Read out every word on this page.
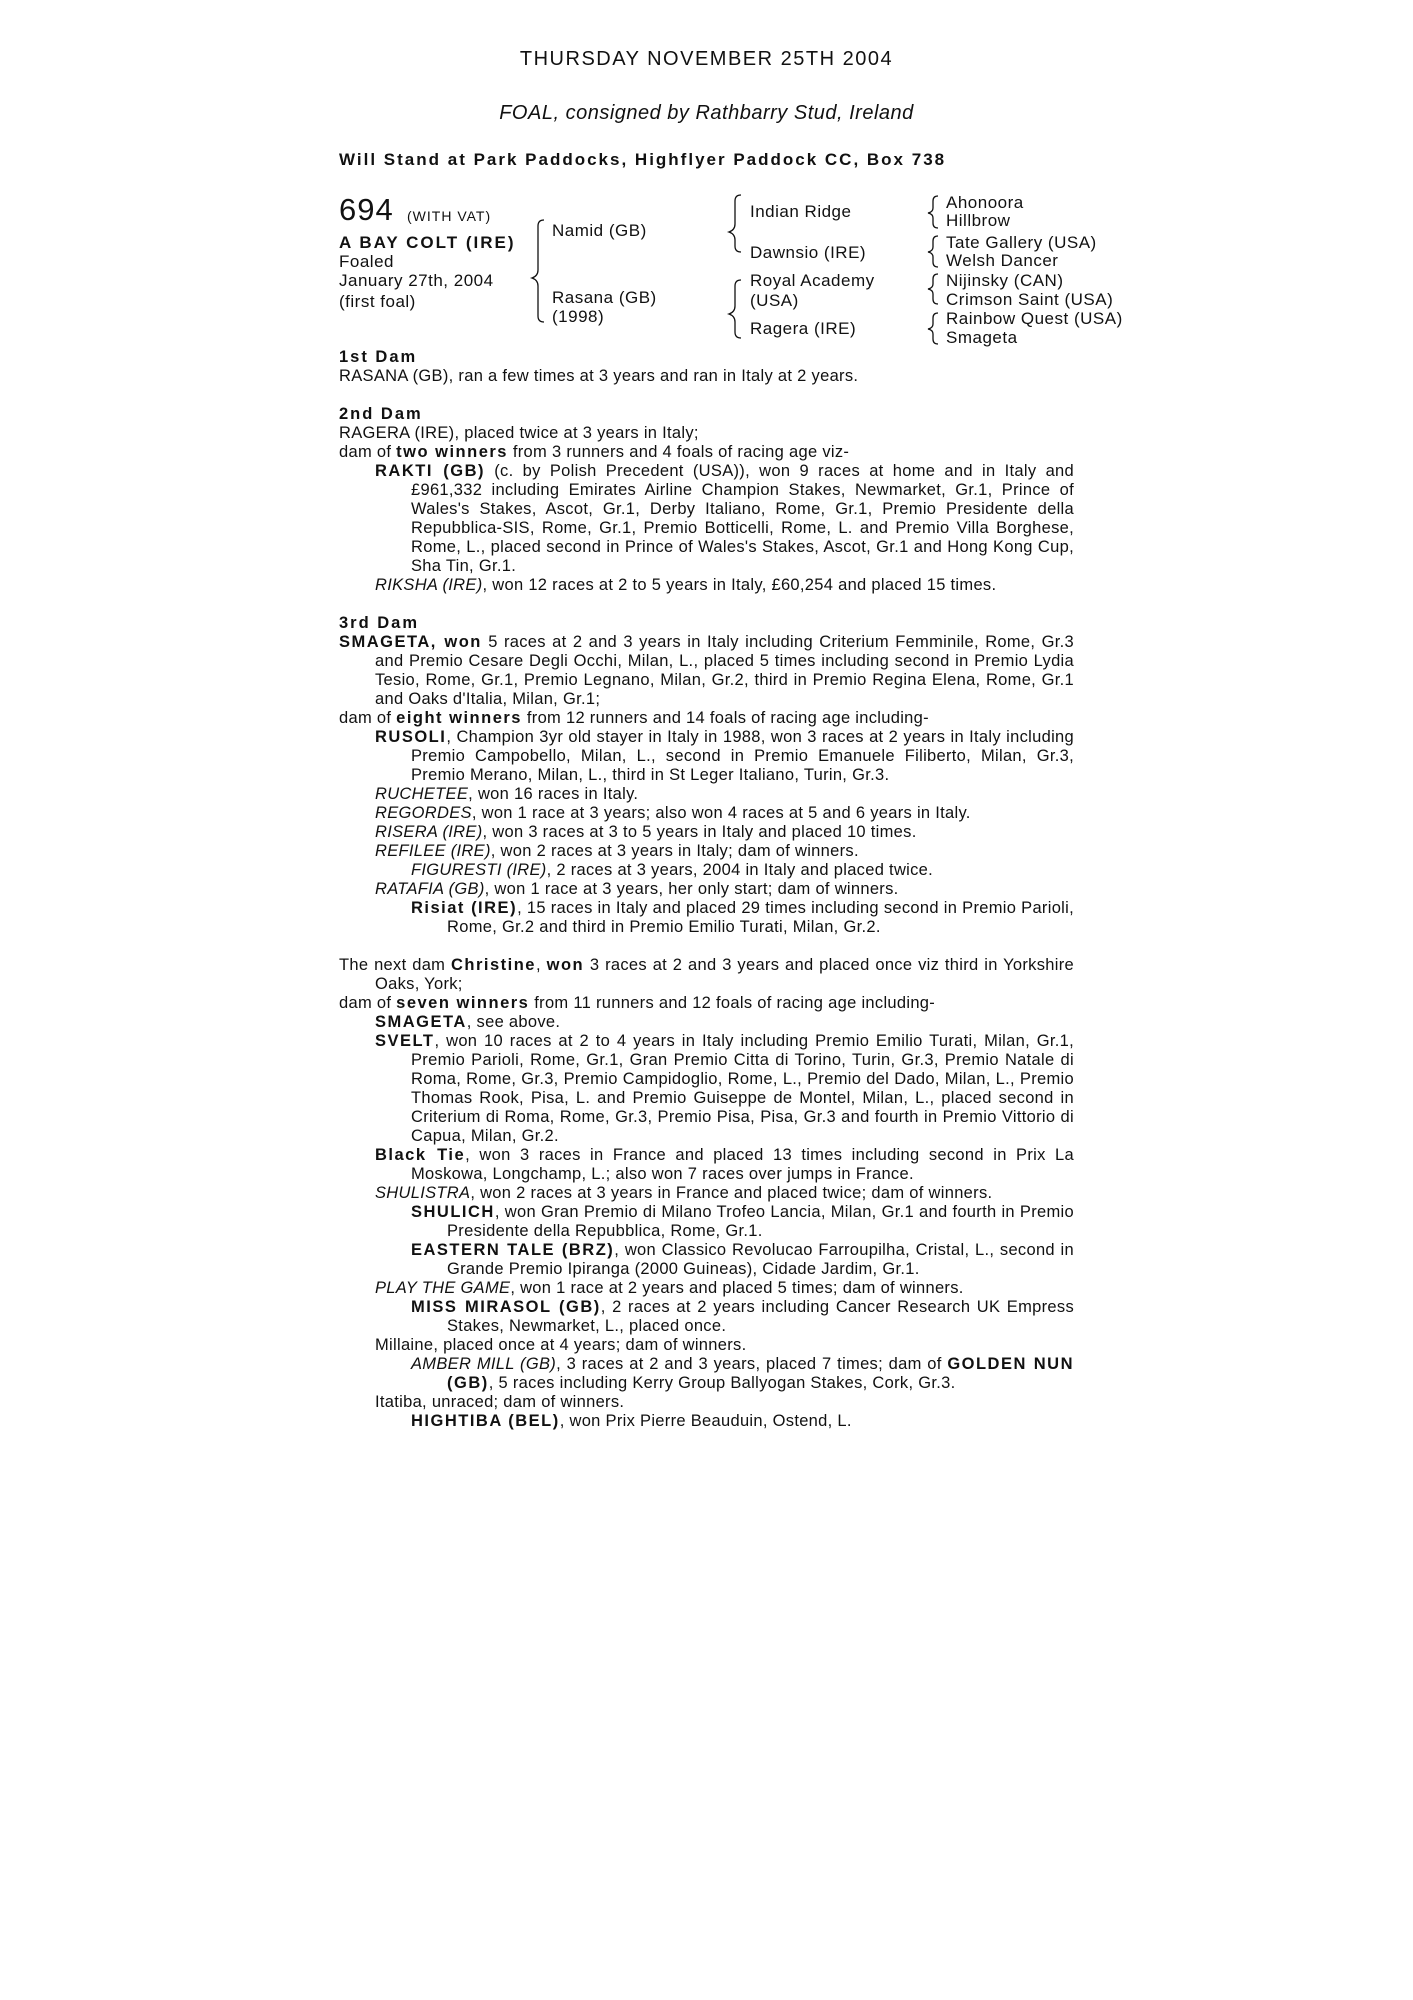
THURSDAY NOVEMBER 25TH 2004
FOAL, consigned by Rathbarry Stud, Ireland
Will Stand at Park Paddocks, Highflyer Paddock CC, Box 738
694 (WITH VAT)
A BAY COLT (IRE)
Foaled
January 27th, 2004
(first foal)
Namid (GB)
Rasana (GB)
(1998)
Indian Ridge
Dawnsio (IRE)
Royal Academy
(USA)
Ragera (IRE)
Ahonoora
Hillbrow
Tate Gallery (USA)
Welsh Dancer
Nijinsky (CAN)
Crimson Saint (USA)
Rainbow Quest (USA)
Smageta

1st Dam

RASANA (GB), ran a few times at 3 years and ran in Italy at 2 years.

2nd Dam

RAGERA (IRE), placed twice at 3 years in Italy;

dam of two winners from 3 runners and 4 foals of racing age viz-

RAKTI (GB) (c. by Polish Precedent (USA)), won 9 races at home and in Italy and £961,332 including Emirates Airline Champion Stakes, Newmarket, Gr.1, Prince of Wales's Stakes, Ascot, Gr.1, Derby Italiano, Rome, Gr.1, Premio Presidente della Repubblica-SIS, Rome, Gr.1, Premio Botticelli, Rome, L. and Premio Villa Borghese, Rome, L., placed second in Prince of Wales's Stakes, Ascot, Gr.1 and Hong Kong Cup, Sha Tin, Gr.1.

RIKSHA (IRE), won 12 races at 2 to 5 years in Italy, £60,254 and placed 15 times.

3rd Dam

SMAGETA, won 5 races at 2 and 3 years in Italy including Criterium Femminile, Rome, Gr.3 and Premio Cesare Degli Occhi, Milan, L., placed 5 times including second in Premio Lydia Tesio, Rome, Gr.1, Premio Legnano, Milan, Gr.2, third in Premio Regina Elena, Rome, Gr.1 and Oaks d'Italia, Milan, Gr.1;

dam of eight winners from 12 runners and 14 foals of racing age including-

RUSOLI, Champion 3yr old stayer in Italy in 1988, won 3 races at 2 years in Italy including Premio Campobello, Milan, L., second in Premio Emanuele Filiberto, Milan, Gr.3, Premio Merano, Milan, L., third in St Leger Italiano, Turin, Gr.3.

RUCHETEE, won 16 races in Italy.

REGORDES, won 1 race at 3 years; also won 4 races at 5 and 6 years in Italy.

RISERA (IRE), won 3 races at 3 to 5 years in Italy and placed 10 times.

REFILEE (IRE), won 2 races at 3 years in Italy; dam of winners.

FIGURESTI (IRE), 2 races at 3 years, 2004 in Italy and placed twice.

RATAFIA (GB), won 1 race at 3 years, her only start; dam of winners.

Risiat (IRE), 15 races in Italy and placed 29 times including second in Premio Parioli, Rome, Gr.2 and third in Premio Emilio Turati, Milan, Gr.2.

The next dam Christine, won 3 races at 2 and 3 years and placed once viz third in Yorkshire Oaks, York;

dam of seven winners from 11 runners and 12 foals of racing age including-

SMAGETA, see above.

SVELT, won 10 races at 2 to 4 years in Italy including Premio Emilio Turati, Milan, Gr.1, Premio Parioli, Rome, Gr.1, Gran Premio Citta di Torino, Turin, Gr.3, Premio Natale di Roma, Rome, Gr.3, Premio Campidoglio, Rome, L., Premio del Dado, Milan, L., Premio Thomas Rook, Pisa, L. and Premio Guiseppe de Montel, Milan, L., placed second in Criterium di Roma, Rome, Gr.3, Premio Pisa, Pisa, Gr.3 and fourth in Premio Vittorio di Capua, Milan, Gr.2.

Black Tie, won 3 races in France and placed 13 times including second in Prix La Moskowa, Longchamp, L.; also won 7 races over jumps in France.

SHULISTRA, won 2 races at 3 years in France and placed twice; dam of winners.

SHULICH, won Gran Premio di Milano Trofeo Lancia, Milan, Gr.1 and fourth in Premio Presidente della Repubblica, Rome, Gr.1.

EASTERN TALE (BRZ), won Classico Revolucao Farroupilha, Cristal, L., second in Grande Premio Ipiranga (2000 Guineas), Cidade Jardim, Gr.1.

PLAY THE GAME, won 1 race at 2 years and placed 5 times; dam of winners.

MISS MIRASOL (GB), 2 races at 2 years including Cancer Research UK Empress Stakes, Newmarket, L., placed once.

Millaine, placed once at 4 years; dam of winners.

AMBER MILL (GB), 3 races at 2 and 3 years, placed 7 times; dam of GOLDEN NUN (GB), 5 races including Kerry Group Ballyogan Stakes, Cork, Gr.3.

Itatiba, unraced; dam of winners.

HIGHTIBA (BEL), won Prix Pierre Beauduin, Ostend, L.
